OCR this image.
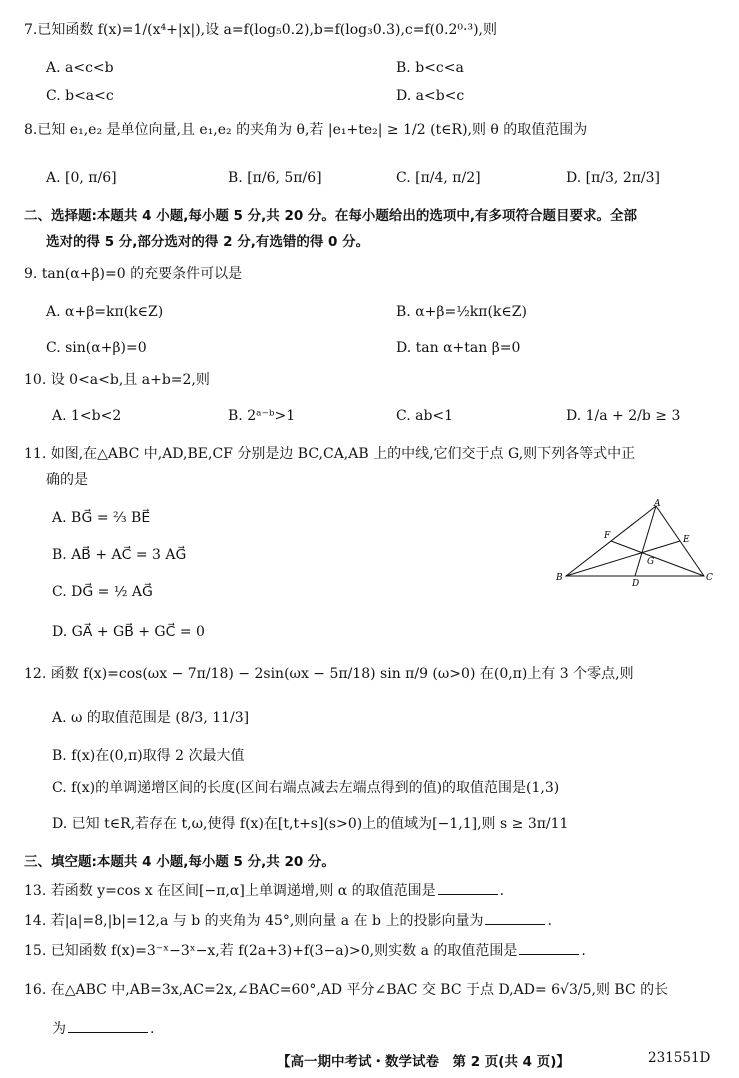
7.已知函数 f(x)=1/(x⁴+|x|),设 a=f(log₅0.2),b=f(log₃0.3),c=f(0.2⁰·³),则
A. a<c<b	B. b<c<a
C. b<a<c	D. a<b<c
8.已知 e₁,e₂ 是单位向量,且 e₁,e₂ 的夹角为 θ,若 |e₁+te₂| ≥ 1/2 (t∈R),则 θ 的取值范围为
A. [0, π/6]	B. [π/6, 5π/6]	C. [π/4, π/2]	D. [π/3, 2π/3]
二、选择题:本题共 4 小题,每小题 5 分,共 20 分。在每小题给出的选项中,有多项符合题目要求。全部
选对的得 5 分,部分选对的得 2 分,有选错的得 0 分。
9. tan(α+β)=0 的充要条件可以是
A. α+β=kπ(k∈Z)	B. α+β=½kπ(k∈Z)
C. sin(α+β)=0	D. tan α+tan β=0
10. 设 0<a<b,且 a+b=2,则
A. 1<b<2	B. 2ᵃ⁻ᵇ>1	C. ab<1	D. 1/a + 2/b ≥ 3
11. 如图,在△ABC 中,AD,BE,CF 分别是边 BC,CA,AB 上的中线,它们交于点 G,则下列各等式中正
确的是
A. BG⃗ = ⅔ BE⃗
B. AB⃗ + AC⃗ = 3 AG⃗
C. DG⃗ = ½ AG⃗
D. GA⃗ + GB⃗ + GC⃗ = 0
A
B	C
D
E
F
G
12. 函数 f(x)=cos(ωx − 7π/18) − 2sin(ωx − 5π/18) sin π/9 (ω>0) 在(0,π)上有 3 个零点,则
A. ω 的取值范围是 (8/3, 11/3]
B. f(x)在(0,π)取得 2 次最大值
C. f(x)的单调递增区间的长度(区间右端点减去左端点得到的值)的取值范围是(1,3)
D. 已知 t∈R,若存在 t,ω,使得 f(x)在[t,t+s](s>0)上的值域为[−1,1],则 s ≥ 3π/11
三、填空题:本题共 4 小题,每小题 5 分,共 20 分。
13. 若函数 y=cos x 在区间[−π,α]上单调递增,则 α 的取值范围是	.
14. 若|a|=8,|b|=12,a 与 b 的夹角为 45°,则向量 a 在 b 上的投影向量为	.
15. 已知函数 f(x)=3⁻ˣ−3ˣ−x,若 f(2a+3)+f(3−a)>0,则实数 a 的取值范围是	.
16. 在△ABC 中,AB=3x,AC=2x,∠BAC=60°,AD 平分∠BAC 交 BC 于点 D,AD= 6√3/5,则 BC 的长
为	.
【高一期中考试・数学试卷　第 2 页(共 4 页)】	231551D
